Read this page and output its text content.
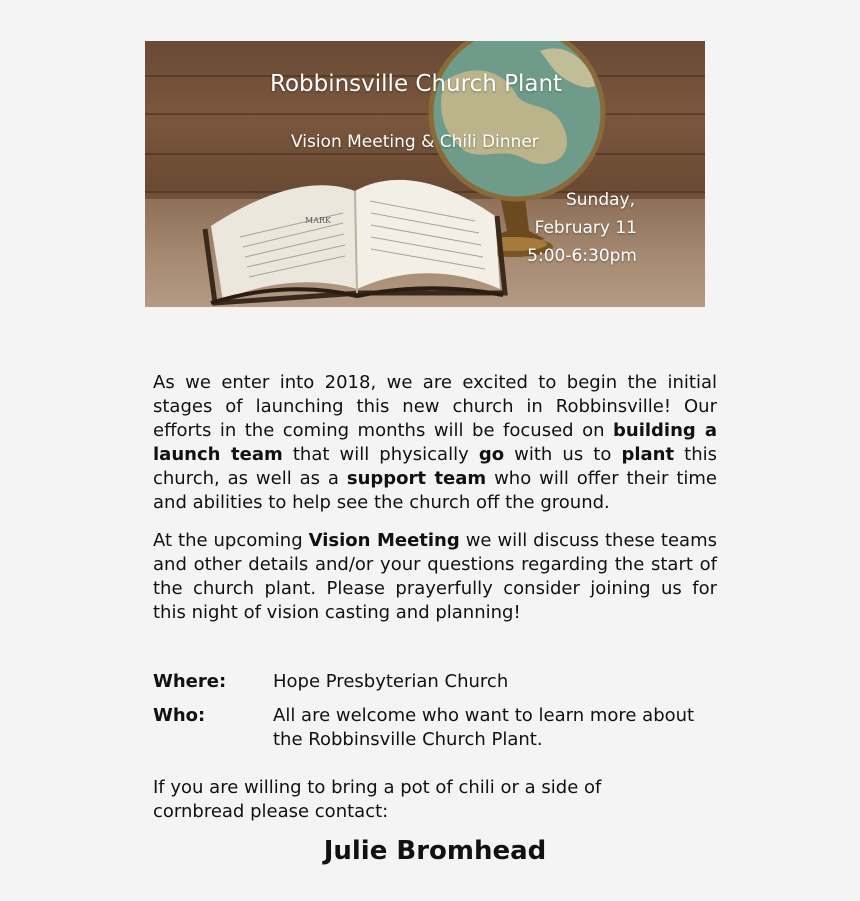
MARK
Robbinsville Church Plant
Vision Meeting & Chili Dinner
Sunday,
February 11
5:00-6:30pm

As we enter into 2018, we are excited to begin the initial stages of launching this new church in Robbinsville! Our efforts in the coming months will be focused on building a launch team that will physically go with us to plant this church, as well as a support team who will offer their time and abilities to help see the church off the ground.

At the upcoming Vision Meeting we will discuss these teams and other details and/or your questions regarding the start of the church plant. Please prayerfully consider joining us for this night of vision casting and planning!

Where:	Hope Presbyterian Church
Who:	All are welcome who want to learn more about the Robbinsville Church Plant.

If you are willing to bring a pot of chili or a side of cornbread please contact:

Julie Bromhead
